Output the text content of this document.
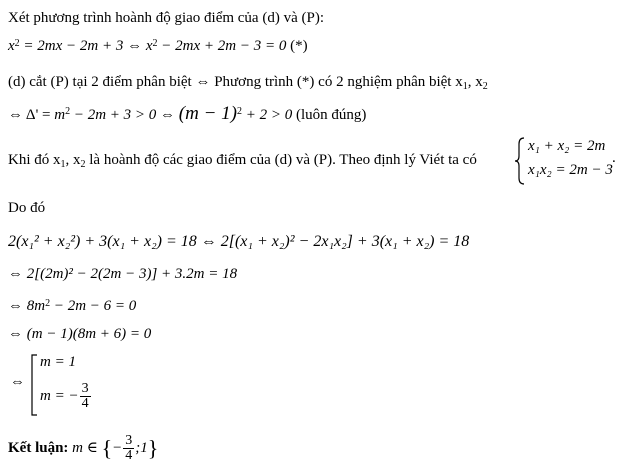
Xét phương trình hoành độ giao điểm của (d) và (P):
$x^2 = 2mx - 2m + 3$ ⇔ $x^2 - 2mx + 2m - 3 = 0$ (*)
(d) cắt (P) tại 2 điểm phân biệt ⇔ Phương trình (*) có 2 nghiệm phân biệt $x_1$, $x_2$
⇔ $\Delta' = m^2 - 2m + 3 > 0$ ⇔ $(m - 1)^2 + 2 > 0$ (luôn đúng)
Khi đó $x_1$, $x_2$ là hoành độ các giao điểm của (d) và (P). Theo định lý Viét ta có
x₁ + x₂ = 2m
x₁x₂ = 2m − 3
.
Do đó
2(x₁² + x₂²) + 3(x₁ + x₂) = 18 ⇔ 2[(x₁ + x₂)² − 2x₁x₂] + 3(x₁ + x₂) = 18
⇔ 2[(2m)² − 2(2m − 3)] + 3.2m = 18
⇔ $8m^2 - 2m - 6 = 0$
⇔ (m − 1)(8m + 6) = 0
⇔
m = 1
m = − $\frac{3}{4}$
Kết luận: m ∈ {− $\frac{3}{4}$ ;1}
